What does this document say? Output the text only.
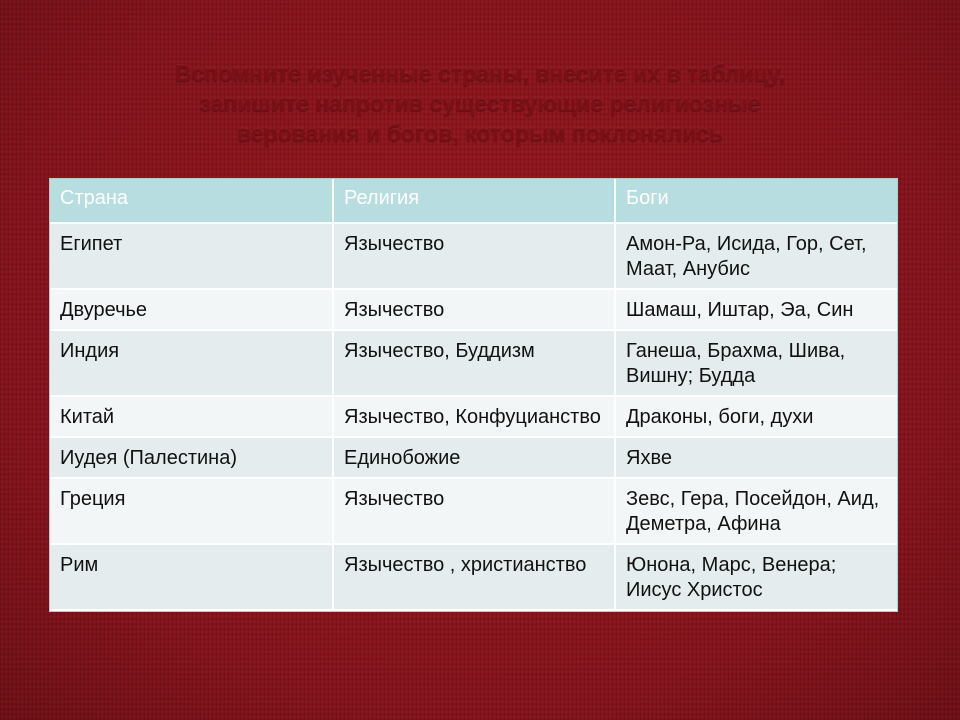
Вспомните изученные страны, внесите их в таблицу,
запишите напротив существующие религиозные
верования и богов, которым поклонялись
Страна	Религия	Боги
Египет	Язычество	Амон-Ра, Исида, Гор, Сет, Маат, Анубис
Двуречье	Язычество	Шамаш, Иштар, Эа, Син
Индия	Язычество, Буддизм	Ганеша, Брахма, Шива, Вишну; Будда
Китай	Язычество, Конфуцианство	Драконы, боги, духи
Иудея (Палестина)	Единобожие	Яхве
Греция	Язычество	Зевс, Гера, Посейдон, Аид, Деметра, Афина
Рим	Язычество , христианство	Юнона, Марс, Венера; Иисус Христос
